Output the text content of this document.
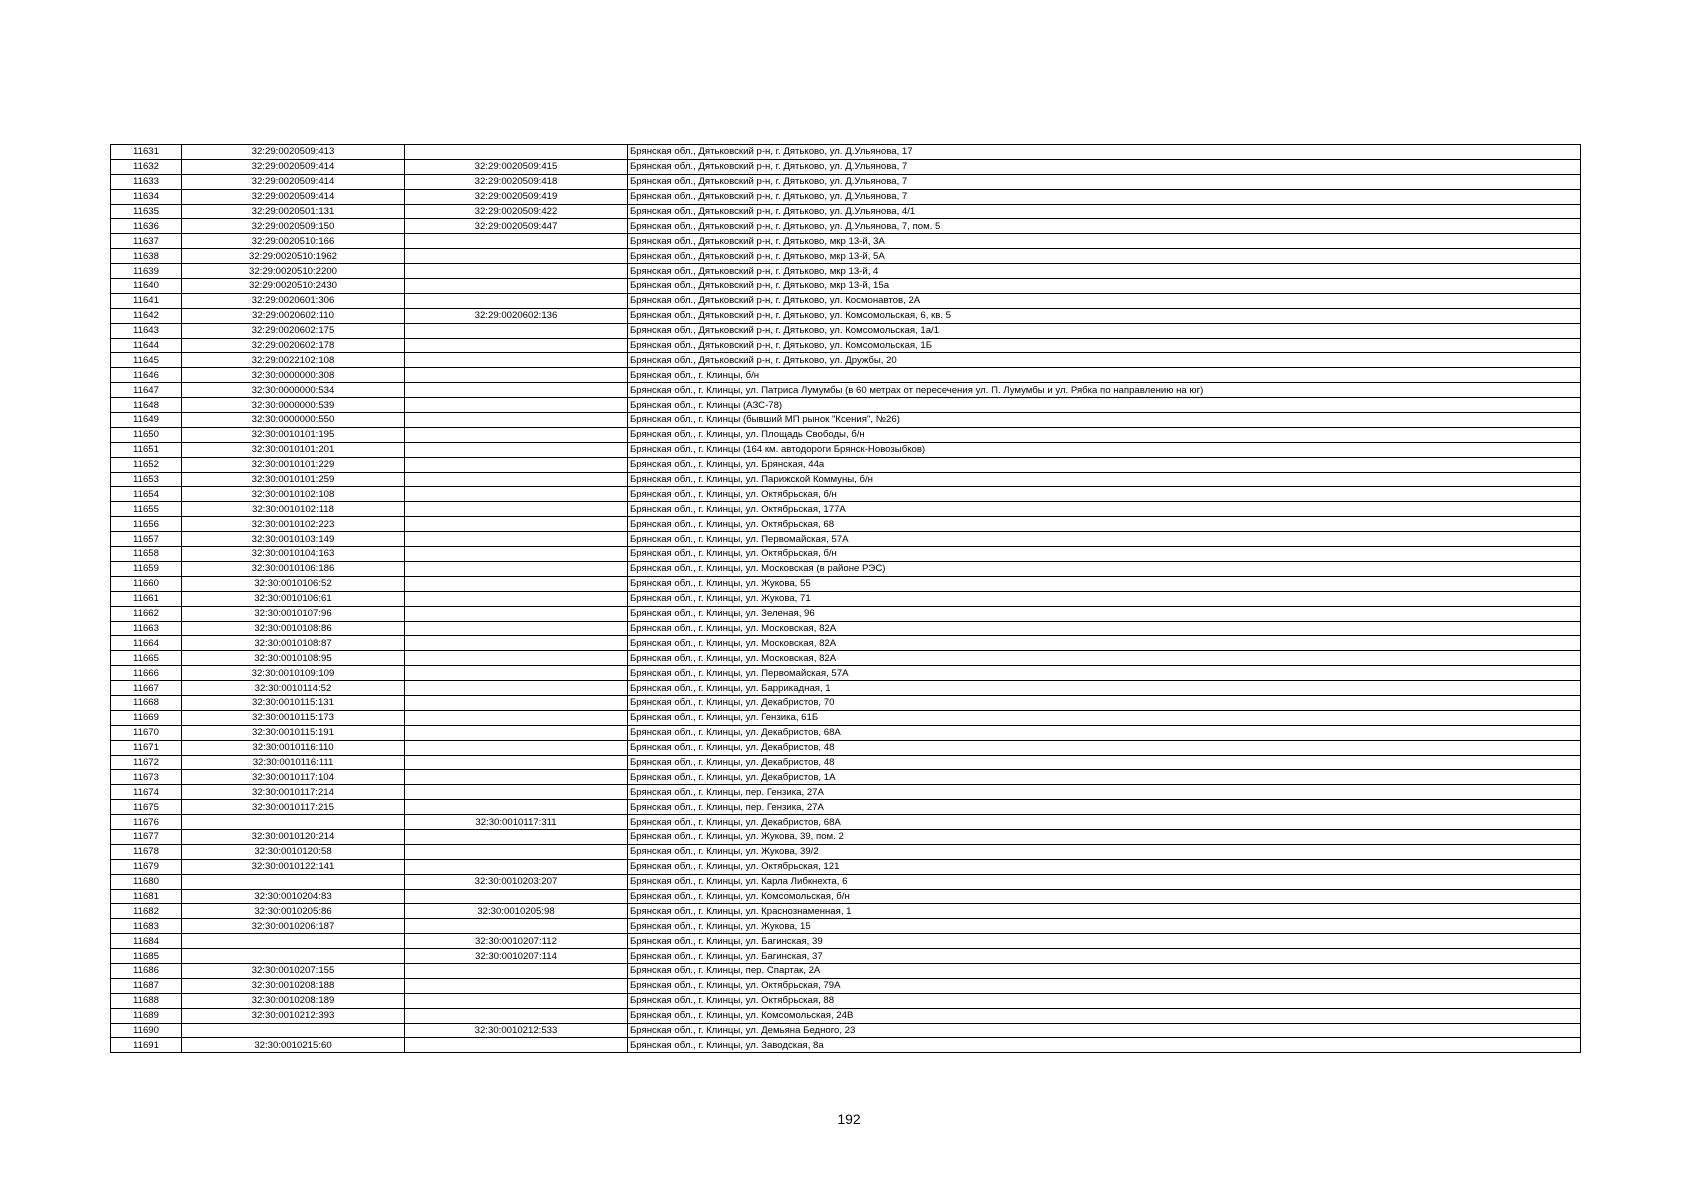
11631	32:29:0020509:413		Брянская обл., Дятьковский р-н, г. Дятьково, ул. Д.Ульянова, 17
11632	32:29:0020509:414	32:29:0020509:415	Брянская обл., Дятьковский р-н, г. Дятьково, ул. Д.Ульянова, 7
11633	32:29:0020509:414	32:29:0020509:418	Брянская обл., Дятьковский р-н, г. Дятьково, ул. Д.Ульянова, 7
11634	32:29:0020509:414	32:29:0020509:419	Брянская обл., Дятьковский р-н, г. Дятьково, ул. Д.Ульянова, 7
11635	32:29:0020501:131	32:29:0020509:422	Брянская обл., Дятьковский р-н, г. Дятьково, ул. Д.Ульянова, 4/1
11636	32:29:0020509:150	32:29:0020509:447	Брянская обл., Дятьковский р-н, г. Дятьково, ул. Д.Ульянова, 7, пом. 5
11637	32:29:0020510:166		Брянская обл., Дятьковский р-н, г. Дятьково, мкр 13-й, 3А
11638	32:29:0020510:1962		Брянская обл., Дятьковский р-н, г. Дятьково, мкр 13-й, 5А
11639	32:29:0020510:2200		Брянская обл., Дятьковский р-н, г. Дятьково, мкр 13-й, 4
11640	32:29:0020510:2430		Брянская обл., Дятьковский р-н, г. Дятьково, мкр 13-й, 15а
11641	32:29:0020601:306		Брянская обл., Дятьковский р-н, г. Дятьково, ул. Космонавтов, 2А
11642	32:29:0020602:110	32:29:0020602:136	Брянская обл., Дятьковский р-н, г. Дятьково, ул. Комсомольская, 6, кв. 5
11643	32:29:0020602:175		Брянская обл., Дятьковский р-н, г. Дятьково, ул. Комсомольская, 1а/1
11644	32:29:0020602:178		Брянская обл., Дятьковский р-н, г. Дятьково, ул. Комсомольская, 1Б
11645	32:29:0022102:108		Брянская обл., Дятьковский р-н, г. Дятьково, ул. Дружбы, 20
11646	32:30:0000000:308		Брянская обл., г. Клинцы, б/н
11647	32:30:0000000:534		Брянская обл., г. Клинцы, ул. Патриса Лумумбы (в 60 метрах от пересечения ул. П. Лумумбы и ул. Рябка по направлению на юг)
11648	32:30:0000000:539		Брянская обл., г. Клинцы (АЗС-78)
11649	32:30:0000000:550		Брянская обл., г. Клинцы (бывший МП рынок "Ксения", №26)
11650	32:30:0010101:195		Брянская обл., г. Клинцы, ул. Площадь Свободы, б/н
11651	32:30:0010101:201		Брянская обл., г. Клинцы (164 км. автодороги Брянск-Новозыбков)
11652	32:30:0010101:229		Брянская обл., г. Клинцы, ул. Брянская, 44а
11653	32:30:0010101:259		Брянская обл., г. Клинцы, ул. Парижской Коммуны, б/н
11654	32:30:0010102:108		Брянская обл., г. Клинцы, ул. Октябрьская, б/н
11655	32:30:0010102:118		Брянская обл., г. Клинцы, ул. Октябрьская, 177А
11656	32:30:0010102:223		Брянская обл., г. Клинцы, ул. Октябрьская, 68
11657	32:30:0010103:149		Брянская обл., г. Клинцы, ул. Первомайская, 57А
11658	32:30:0010104:163		Брянская обл., г. Клинцы, ул. Октябрьская, б/н
11659	32:30:0010106:186		Брянская обл., г. Клинцы, ул. Московская (в районе РЭС)
11660	32:30:0010106:52		Брянская обл., г. Клинцы, ул. Жукова, 55
11661	32:30:0010106:61		Брянская обл., г. Клинцы, ул. Жукова, 71
11662	32:30:0010107:96		Брянская обл., г. Клинцы, ул. Зеленая, 96
11663	32:30:0010108:86		Брянская обл., г. Клинцы, ул. Московская, 82А
11664	32:30:0010108:87		Брянская обл., г. Клинцы, ул. Московская, 82А
11665	32:30:0010108:95		Брянская обл., г. Клинцы, ул. Московская, 82А
11666	32:30:0010109:109		Брянская обл., г. Клинцы, ул. Первомайская, 57А
11667	32:30:0010114:52		Брянская обл., г. Клинцы, ул. Баррикадная, 1
11668	32:30:0010115:131		Брянская обл., г. Клинцы, ул. Декабристов, 70
11669	32:30:0010115:173		Брянская обл., г. Клинцы, ул. Гензика, 61Б
11670	32:30:0010115:191		Брянская обл., г. Клинцы, ул. Декабристов, 68А
11671	32:30:0010116:110		Брянская обл., г. Клинцы, ул. Декабристов, 48
11672	32:30:0010116:111		Брянская обл., г. Клинцы, ул. Декабристов, 48
11673	32:30:0010117:104		Брянская обл., г. Клинцы, ул. Декабристов, 1А
11674	32:30:0010117:214		Брянская обл., г. Клинцы, пер. Гензика, 27А
11675	32:30:0010117:215		Брянская обл., г. Клинцы, пер. Гензика, 27А
11676		32:30:0010117:311	Брянская обл., г. Клинцы, ул. Декабристов, 68А
11677	32:30:0010120:214		Брянская обл., г. Клинцы, ул. Жукова, 39, пом. 2
11678	32:30:0010120:58		Брянская обл., г. Клинцы, ул. Жукова, 39/2
11679	32:30:0010122:141		Брянская обл., г. Клинцы, ул. Октябрьская, 121
11680		32:30:0010203:207	Брянская обл., г. Клинцы, ул. Карла Либкнехта, 6
11681	32:30:0010204:83		Брянская обл., г. Клинцы, ул. Комсомольская, б/н
11682	32:30:0010205:86	32:30:0010205:98	Брянская обл., г. Клинцы, ул. Краснознаменная, 1
11683	32:30:0010206:187		Брянская обл., г. Клинцы, ул. Жукова, 15
11684		32:30:0010207:112	Брянская обл., г. Клинцы, ул. Багинская, 39
11685		32:30:0010207:114	Брянская обл., г. Клинцы, ул. Багинская, 37
11686	32:30:0010207:155		Брянская обл., г. Клинцы, пер. Спартак, 2А
11687	32:30:0010208:188		Брянская обл., г. Клинцы, ул. Октябрьская, 79А
11688	32:30:0010208:189		Брянская обл., г. Клинцы, ул. Октябрьская, 88
11689	32:30:0010212:393		Брянская обл., г. Клинцы, ул. Комсомольская, 24В
11690		32:30:0010212:533	Брянская обл., г. Клинцы, ул. Демьяна Бедного, 23
11691	32:30:0010215:60		Брянская обл., г. Клинцы, ул. Заводская, 8а
192
